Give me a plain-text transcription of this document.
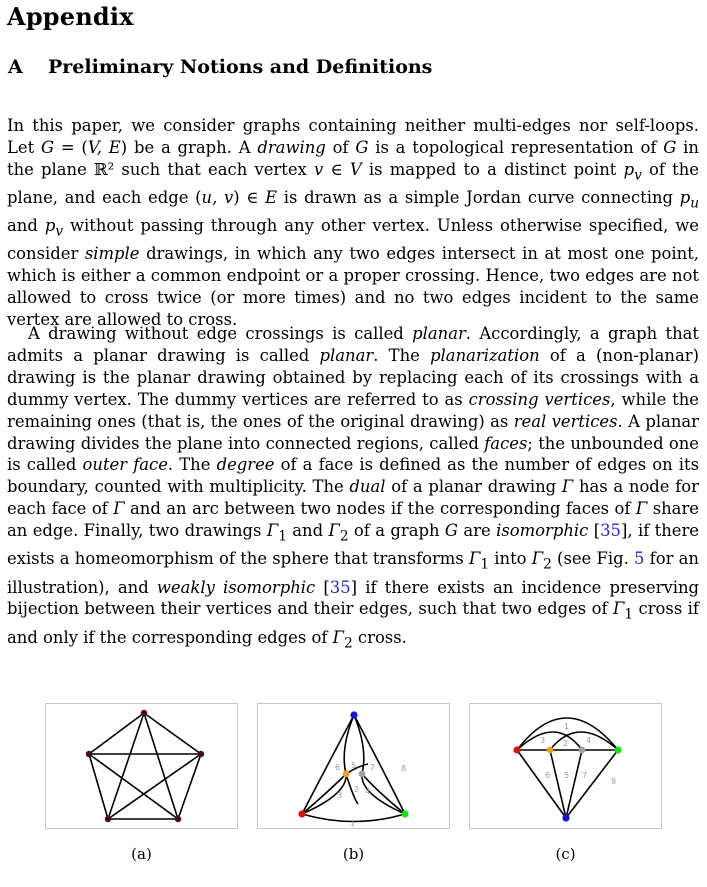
Appendix
A Preliminary Notions and Definitions

In this paper, we consider graphs containing neither multi-edges nor self-loops. Let G = (V, E) be a graph. A drawing of G is a topological representation of G in the plane ℝ² such that each vertex v ∈ V is mapped to a distinct point $p_v$ of the plane, and each edge (u, v) ∈ E is drawn as a simple Jordan curve connecting $p_u$ and $p_v$ without passing through any other vertex. Unless otherwise specified, we consider simple drawings, in which any two edges intersect in at most one point, which is either a common endpoint or a proper crossing. Hence, two edges are not allowed to cross twice (or more times) and no two edges incident to the same vertex are allowed to cross.

A drawing without edge crossings is called planar. Accordingly, a graph that admits a planar drawing is called planar. The planarization of a (non-planar) drawing is the planar drawing obtained by replacing each of its crossings with a dummy vertex. The dummy vertices are referred to as crossing vertices, while the remaining ones (that is, the ones of the original drawing) as real vertices. A planar drawing divides the plane into connected regions, called faces; the unbounded one is called outer face. The degree of a face is defined as the number of edges on its boundary, counted with multiplicity. The dual of a planar drawing Γ has a node for each face of Γ and an arc between two nodes if the corresponding faces of Γ share an edge. Finally, two drawings $\Gamma_1$ and $\Gamma_2$ of a graph G are isomorphic [35], if there exists a homeomorphism of the sphere that transforms $\Gamma_1$ into $\Gamma_2$ (see Fig. 5 for an illustration), and weakly isomorphic [35] if there exists an incidence preserving bijection between their vertices and their edges, such that two edges of $\Gamma_1$ cross if and only if the corresponding edges of $\Gamma_2$ cross.

1
2
3	4
5
6	7	8
1
2
3	4
5
6	7
8
(a)	(b)	(c)
